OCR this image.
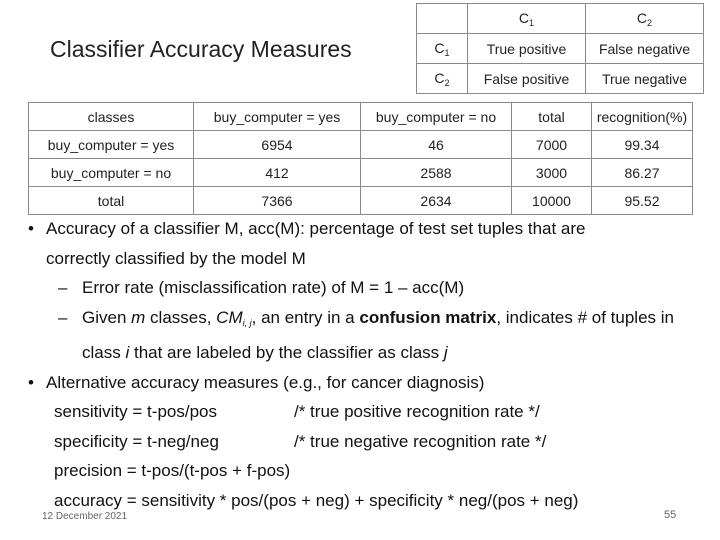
Classifier Accuracy Measures
	$C_1$	$C_2$
$C_1$	True positive	False negative
$C_2$	False positive	True negative
classes	buy_computer = yes	buy_computer = no	total	recognition(%)
buy_computer = yes	6954	46	7000	99.34
buy_computer = no	412	2588	3000	86.27
total	7366	2634	10000	95.52
• Accuracy of a classifier M, acc(M): percentage of test set tuples that are
correctly classified by the model M
– Error rate (misclassification rate) of M = 1 – acc(M)
– Given m classes, $CM_{i, j}$, an entry in a confusion matrix, indicates # of tuples in
class i that are labeled by the classifier as class j
• Alternative accuracy measures (e.g., for cancer diagnosis)
sensitivity = t-pos/pos	/* true positive recognition rate */
specificity = t-neg/neg	/* true negative recognition rate */
precision = t-pos/(t-pos + f-pos)
accuracy = sensitivity * pos/(pos + neg) + specificity * neg/(pos + neg)
12 December 2021	55
